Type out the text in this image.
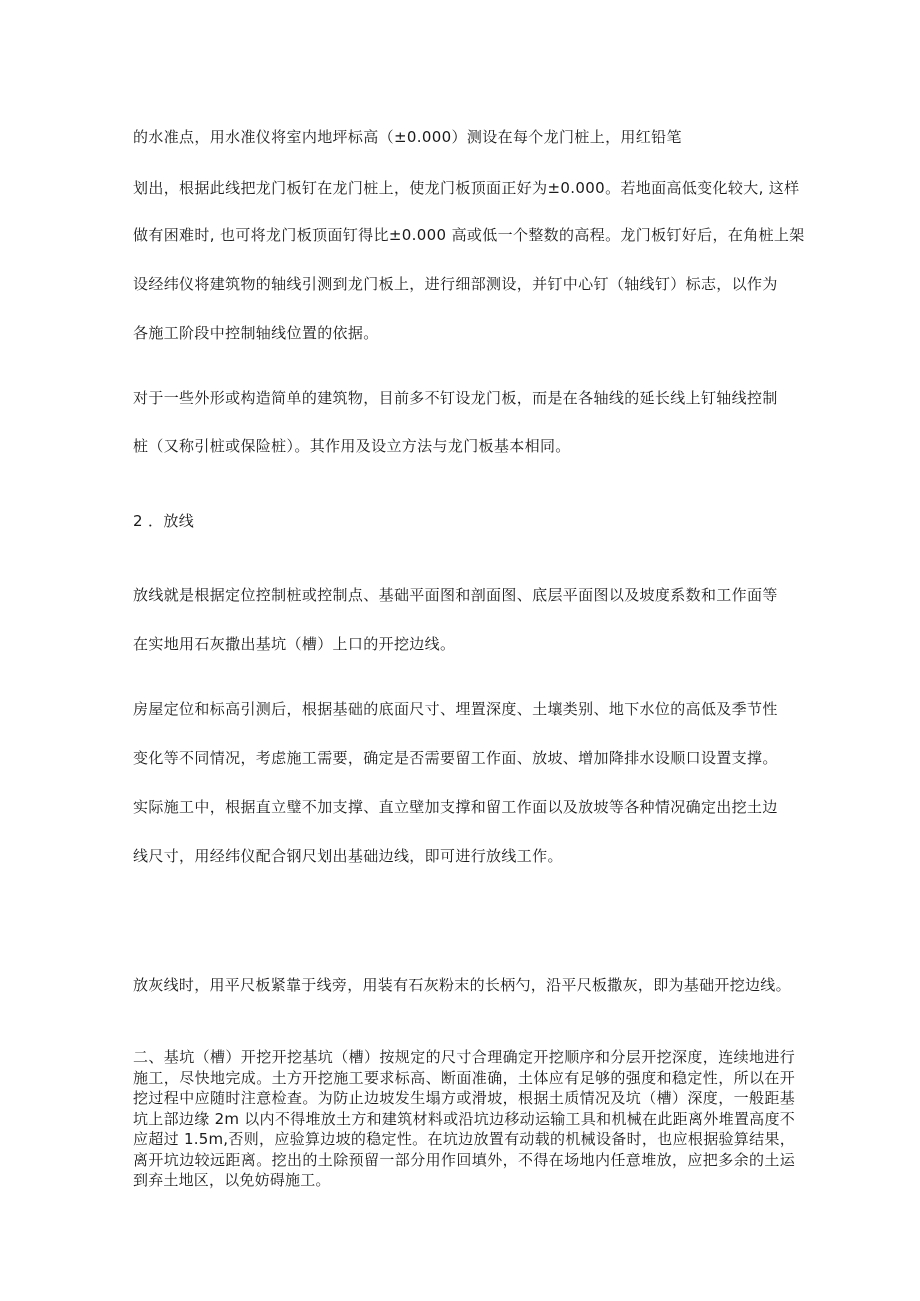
的水准点，用水准仪将室内地坪标高（±0.000）测设在每个龙门桩上，用红铅笔
划出，根据此线把龙门板钉在龙门桩上，使龙门板顶面正好为±0.000。若地面高低变化较大, 这样
做有困难时, 也可将龙门板顶面钉得比±0.000 高或低一个整数的高程。龙门板钉好后，在角桩上架
设经纬仪将建筑物的轴线引测到龙门板上，进行细部测设，并钉中心钉（轴线钉）标志，以作为
各施工阶段中控制轴线位置的依据。
对于一些外形或构造简单的建筑物，目前多不钉设龙门板，而是在各轴线的延长线上钉轴线控制
桩（又称引桩或保险桩）。其作用及设立方法与龙门板基本相同。
2 ．放线
放线就是根据定位控制桩或控制点、基础平面图和剖面图、底层平面图以及坡度系数和工作面等
在实地用石灰撒出基坑（槽）上口的开挖边线。
房屋定位和标高引测后，根据基础的底面尺寸、埋置深度、土壤类别、地下水位的高低及季节性
变化等不同情况，考虑施工需要，确定是否需要留工作面、放坡、增加降排水设顺口设置支撑。
实际施工中，根据直立璧不加支撑、直立壁加支撑和留工作面以及放坡等各种情况确定出挖土边
线尺寸，用经纬仪配合钢尺划出基础边线，即可进行放线工作。
放灰线时，用平尺板紧靠于线旁，用装有石灰粉末的长柄勺，沿平尺板撒灰，即为基础开挖边线。
二、基坑（槽）开挖开挖基坑（槽）按规定的尺寸合理确定开挖顺序和分层开挖深度，连续地进行施工，尽快地完成。土方开挖施工要求标高、断面准确，土体应有足够的强度和稳定性，所以在开挖过程中应随时注意检查。为防止边坡发生塌方或滑坡，根据土质情况及坑（槽）深度，一般距基坑上部边缘 2m 以内不得堆放土方和建筑材料或沿坑边移动运输工具和机械在此距离外堆置高度不应超过 1.5m,否则，应验算边坡的稳定性。在坑边放置有动载的机械设备时，也应根据验算结果，离开坑边较远距离。挖出的土除预留一部分用作回填外，不得在场地内任意堆放，应把多余的土运到弃土地区，以免妨碍施工。
